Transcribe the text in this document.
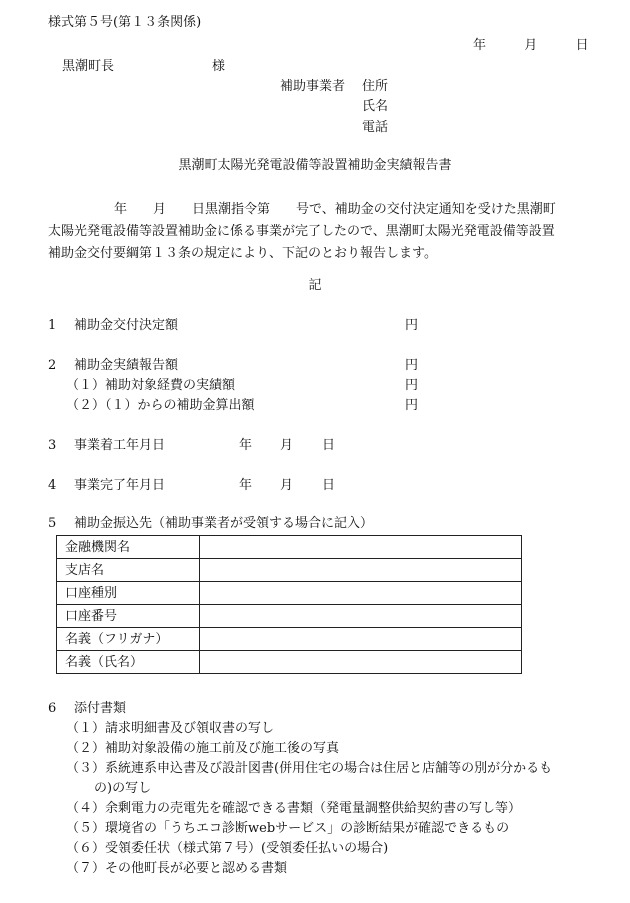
様式第５号(第１３条関係)
年	月	日
黒潮町長	様
補助事業者 住所
氏名
電話
黒潮町太陽光発電設備等設置補助金実績報告書
年　　月　　日黒潮指令第　　号で、補助金の交付決定通知を受けた黒潮町
太陽光発電設備等設置補助金に係る事業が完了したので、黒潮町太陽光発電設備等設置
補助金交付要綱第１３条の規定により、下記のとおり報告します。
記
1 補助金交付決定額	円
2 補助金実績報告額	円
（１）補助対象経費の実績額	円
（２）（１）からの補助金算出額	円
3 事業着工年月日	年 月 日
4 事業完了年月日	年 月 日
5 補助金振込先（補助事業者が受領する場合に記入）
金融機関名	
支店名	
口座種別	
口座番号	
名義（フリガナ）	
名義（氏名）	
6 添付書類
（１）請求明細書及び領収書の写し
（２）補助対象設備の施工前及び施工後の写真
（３）系統連系申込書及び設計図書(併用住宅の場合は住居と店舗等の別が分かるも
の)の写し
（４）余剰電力の売電先を確認できる書類（発電量調整供給契約書の写し等）
（５）環境省の「うちエコ診断webサービス」の診断結果が確認できるもの
（６）受領委任状（様式第７号）(受領委任払いの場合)
（７）その他町長が必要と認める書類
